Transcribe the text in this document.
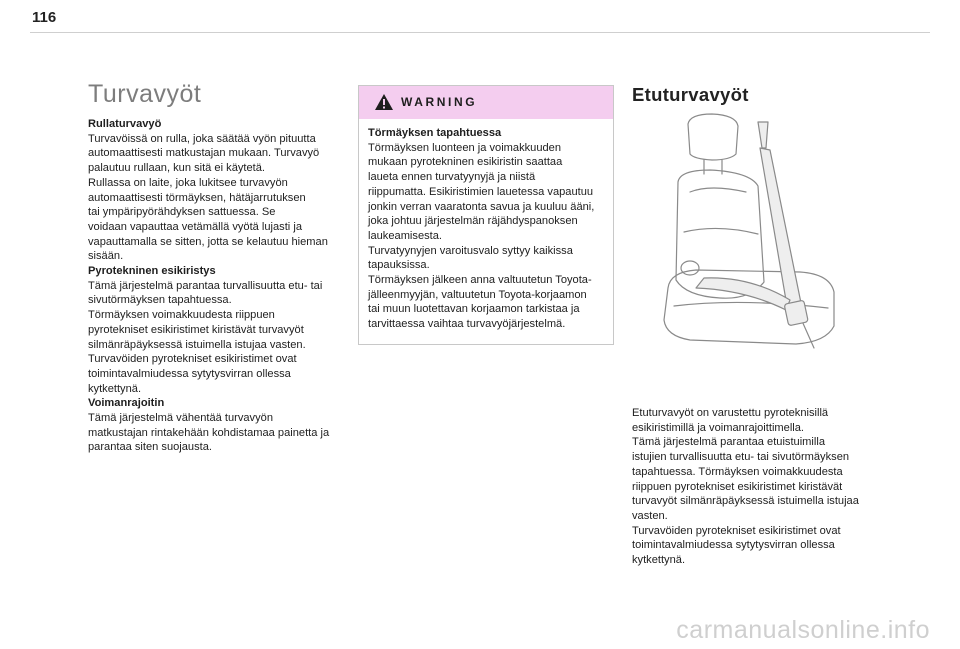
116
Turvavyöt
Rullaturvavyö

Turvavöissä on rulla, joka säätää vyön pituutta
automaattisesti matkustajan mukaan. Turvavyö
palautuu rullaan, kun sitä ei käytetä.
Rullassa on laite, joka lukitsee turvavyön
automaattisesti törmäyksen, hätäjarrutuksen
tai ympäripyörähdyksen sattuessa. Se
voidaan vapauttaa vetämällä vyötä lujasti ja
vapauttamalla se sitten, jotta se kelautuu hieman
sisään.

Pyrotekninen esikiristys

Tämä järjestelmä parantaa turvallisuutta etu- tai
sivutörmäyksen tapahtuessa.
Törmäyksen voimakkuudesta riippuen
pyrotekniset esikiristimet kiristävät turvavyöt
silmänräpäyksessä istuimella istujaa vasten.
Turvavöiden pyrotekniset esikiristimet ovat
toimintavalmiudessa sytytysvirran ollessa
kytkettynä.

Voimanrajoitin

Tämä järjestelmä vähentää turvavyön
matkustajan rintakehään kohdistamaa painetta ja
parantaa siten suojausta.

WARNING
Törmäyksen tapahtuessa

Törmäyksen luonteen ja voimakkuuden
mukaan pyrotekninen esikiristin saattaa
laueta ennen turvatyynyjä ja niistä
riippumatta. Esikiristimien lauetessa vapautuu
jonkin verran vaaratonta savua ja kuuluu ääni,
joka johtuu järjestelmän räjähdyspanoksen
laukeamisesta.
Turvatyynyjen varoitusvalo syttyy kaikissa
tapauksissa.
Törmäyksen jälkeen anna valtuutetun Toyota-
jälleenmyyjän, valtuutetun Toyota-korjaamon
tai muun luotettavan korjaamon tarkistaa ja
tarvittaessa vaihtaa turvavyöjärjestelmä.

Etuturvavyöt

Etuturvavyöt on varustettu pyroteknisillä
esikiristimillä ja voimanrajoittimella.
Tämä järjestelmä parantaa etuistuimilla
istujien turvallisuutta etu- tai sivutörmäyksen
tapahtuessa. Törmäyksen voimakkuudesta
riippuen pyrotekniset esikiristimet kiristävät
turvavyöt silmänräpäyksessä istuimella istujaa
vasten.
Turvavöiden pyrotekniset esikiristimet ovat
toimintavalmiudessa sytytysvirran ollessa
kytkettynä.

carmanualsonline.info
